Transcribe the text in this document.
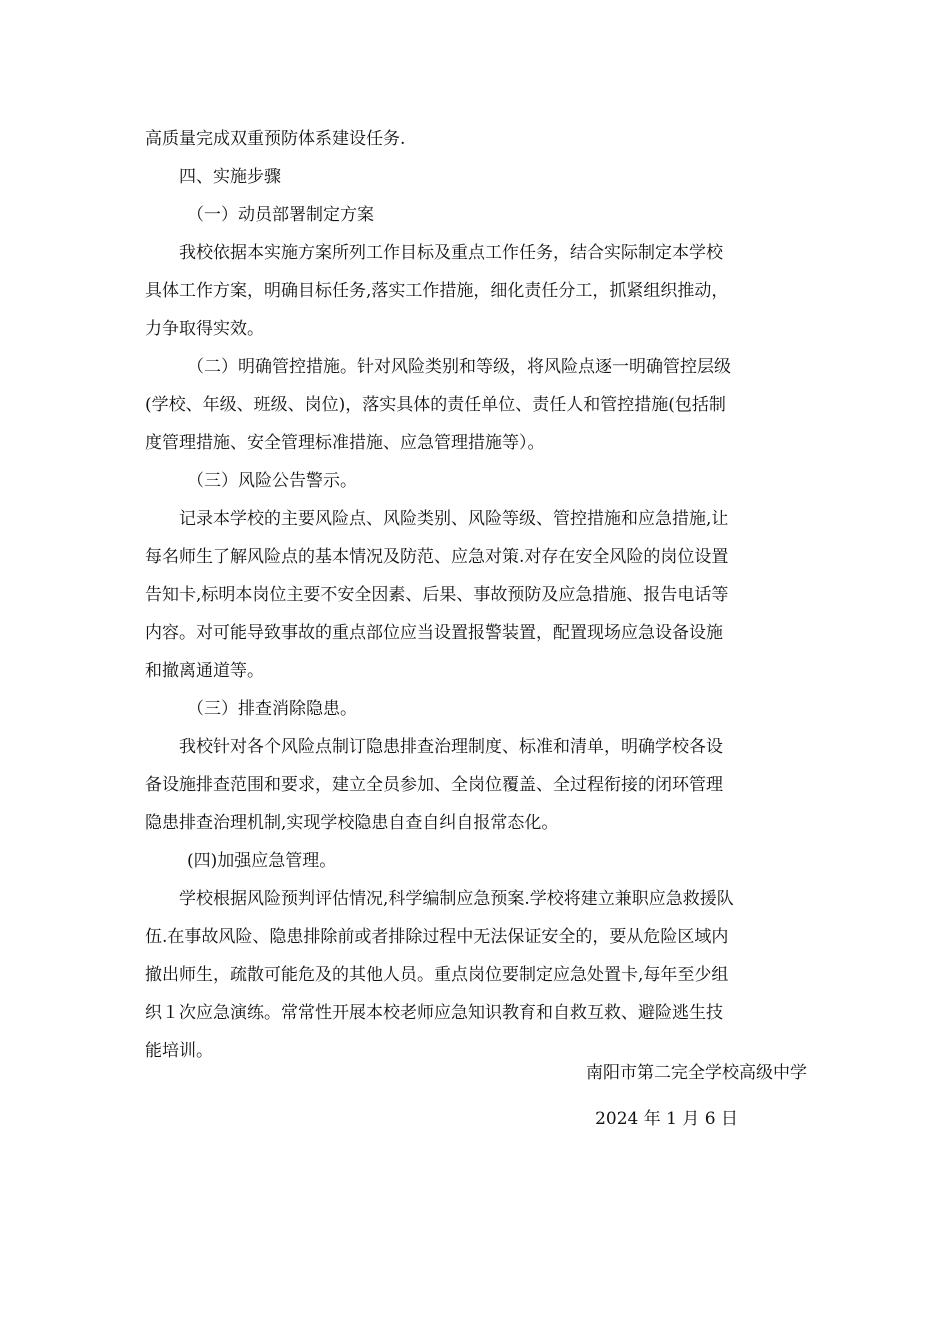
高质量完成双重预防体系建设任务.
四、实施步骤
（一）动员部署制定方案
我校依据本实施方案所列工作目标及重点工作任务，结合实际制定本学校
具体工作方案，明确目标任务,落实工作措施，细化责任分工，抓紧组织推动，
力争取得实效。
（二）明确管控措施。针对风险类别和等级，将风险点逐一明确管控层级
(学校、年级、班级、岗位)，落实具体的责任单位、责任人和管控措施(包括制
度管理措施、安全管理标准措施、应急管理措施等）。
（三）风险公告警示。
记录本学校的主要风险点、风险类别、风险等级、管控措施和应急措施,让
每名师生了解风险点的基本情况及防范、应急对策.对存在安全风险的岗位设置
告知卡,标明本岗位主要不安全因素、后果、事故预防及应急措施、报告电话等
内容。对可能导致事故的重点部位应当设置报警装置，配置现场应急设备设施
和撤离通道等。
（三）排查消除隐患。
我校针对各个风险点制订隐患排查治理制度、标准和清单，明确学校各设
备设施排查范围和要求，建立全员参加、全岗位覆盖、全过程衔接的闭环管理
隐患排查治理机制,实现学校隐患自查自纠自报常态化。
(四)加强应急管理。
学校根据风险预判评估情况,科学编制应急预案.学校将建立兼职应急救援队
伍.在事故风险、隐患排除前或者排除过程中无法保证安全的，要从危险区域内
撤出师生，疏散可能危及的其他人员。重点岗位要制定应急处置卡,每年至少组
织１次应急演练。常常性开展本校老师应急知识教育和自救互救、避险逃生技
能培训。
南阳市第二完全学校高级中学
2024 年 1 月 6 日
